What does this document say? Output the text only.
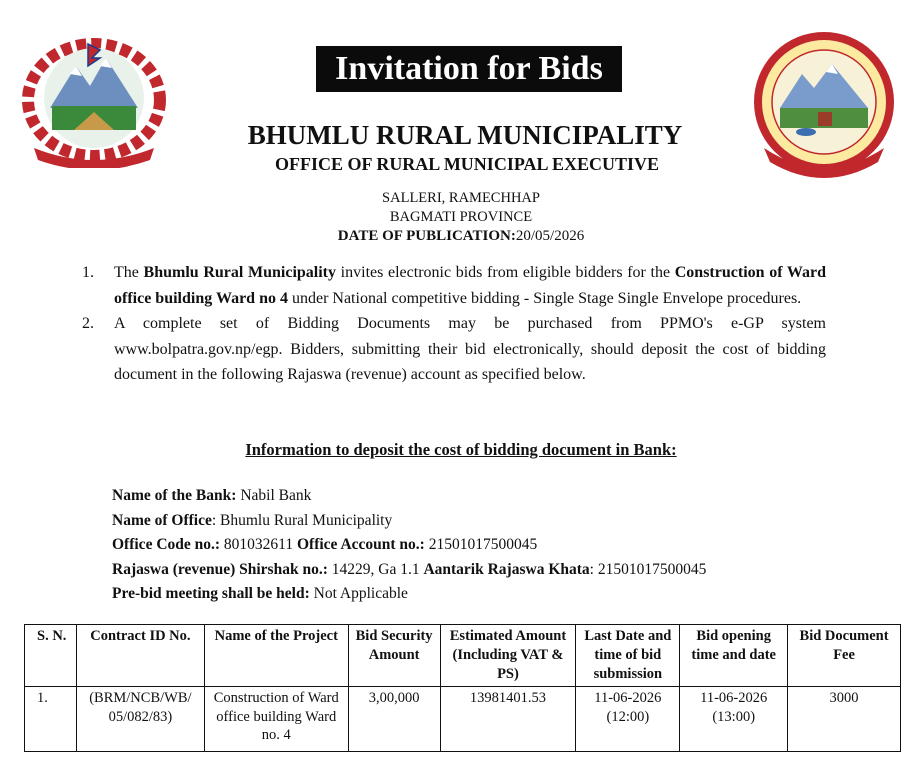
Invitation for Bids
BHUMLU RURAL MUNICIPALITY
OFFICE OF RURAL MUNICIPAL EXECUTIVE
SALLERI, RAMECHHAP
BAGMATI PROVINCE
DATE OF PUBLICATION:20/05/2026

1. The Bhumlu Rural Municipality invites electronic bids from eligible bidders for the Construction of Ward office building Ward no 4 under National competitive bidding - Single Stage Single Envelope procedures.
2. A complete set of Bidding Documents may be purchased from PPMO's e-GP system www.bolpatra.gov.np/egp. Bidders, submitting their bid electronically, should deposit the cost of bidding document in the following Rajaswa (revenue) account as specified below.
Information to deposit the cost of bidding document in Bank:
Name of the Bank: Nabil Bank
Name of Office: Bhumlu Rural Municipality
Office Code no.: 801032611 Office Account no.: 21501017500045
Rajaswa (revenue) Shirshak no.: 14229, Ga 1.1 Aantarik Rajaswa Khata: 21501017500045
Pre-bid meeting shall be held: Not Applicable
S. N.	Contract ID No.	Name of the Project	Bid Security Amount	Estimated Amount (Including VAT & PS)	Last Date and time of bid submission	Bid opening time and date	Bid Document Fee
1.	(BRM/NCB/WB/ 05/082/83)	Construction of Ward office building Ward no. 4	3,00,000	13981401.53	11-06-2026 (12:00)	11-06-2026 (13:00)	3000
